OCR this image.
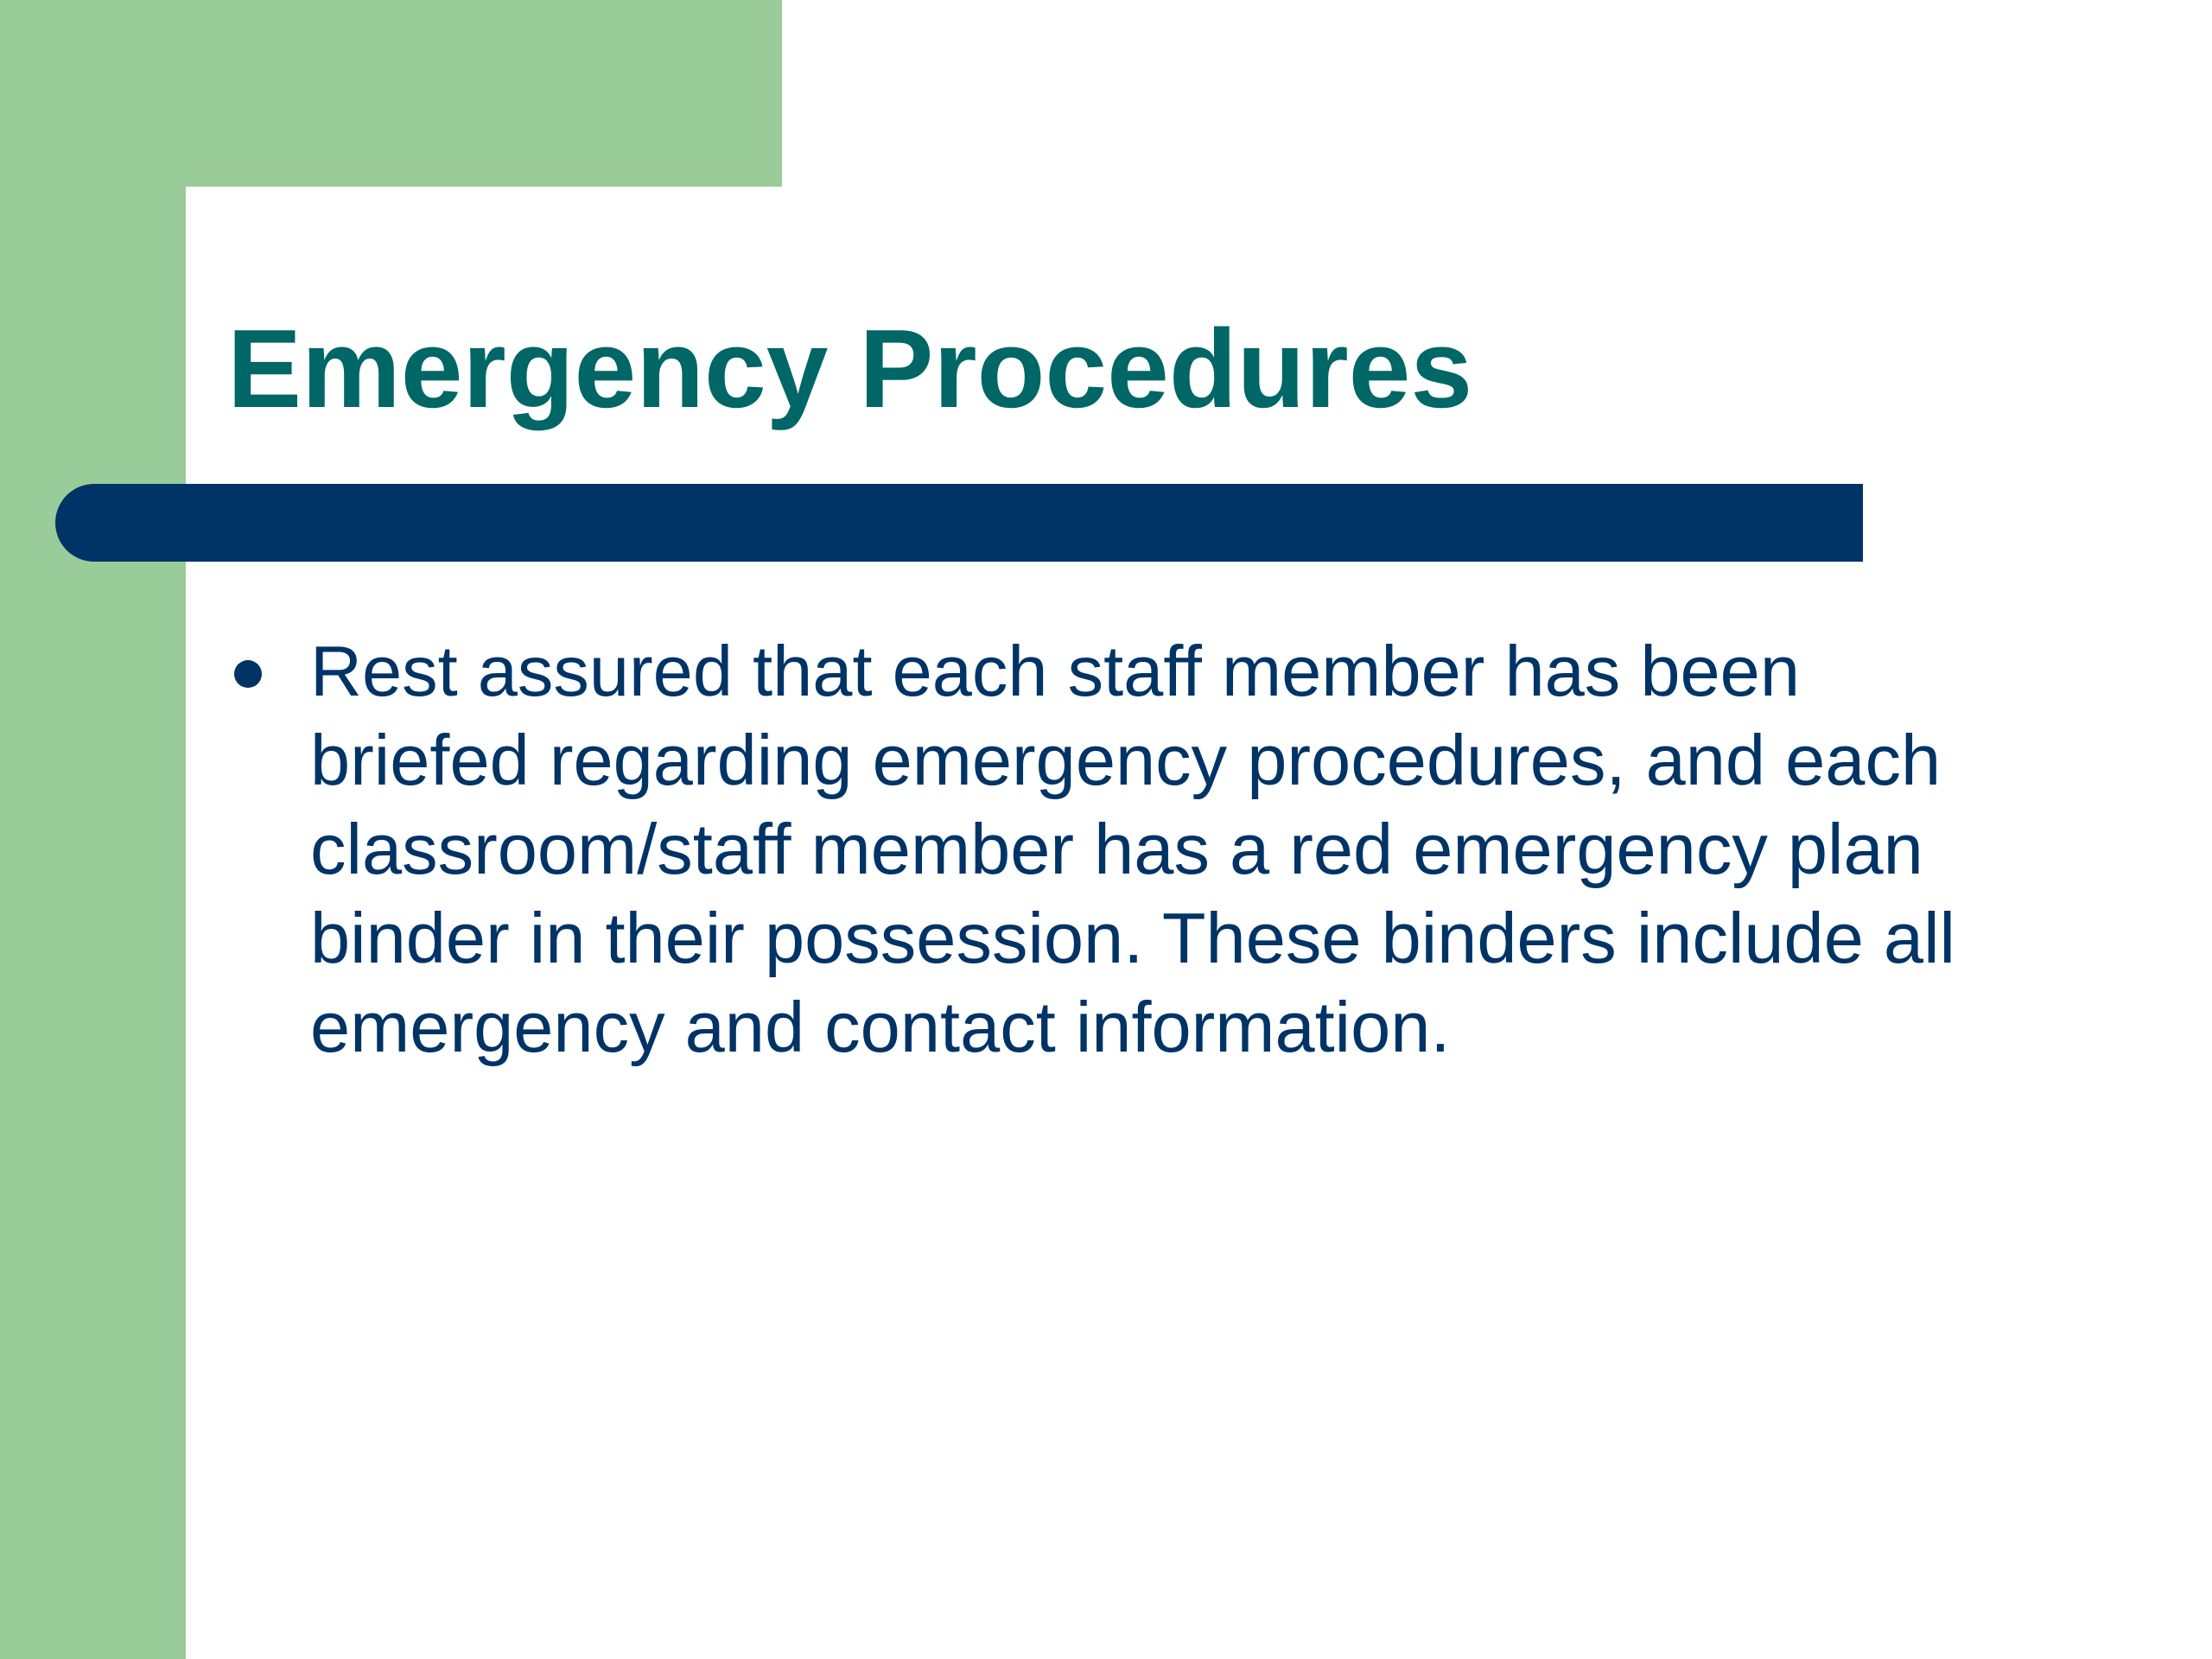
Emergency Procedures
Rest assured that each staff member has been briefed regarding emergency procedures, and each classroom/staff member has a red emergency plan binder in their possession. These binders include all emergency and contact information.
